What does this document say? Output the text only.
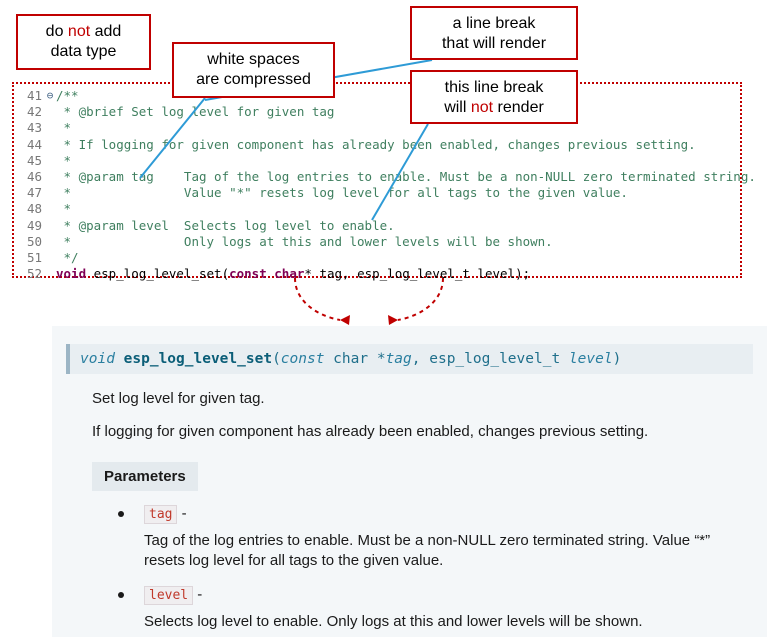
do not add
data type	white spaces
are compressed
a line break
that will render
this line break
will not render
41 ⊖ /**
42 * @brief Set log level for given tag
43 *
44 * If logging for given component has already been enabled, changes previous setting.
45 *
46 * @param tag    Tag of the log entries to enable. Must be a non-NULL zero terminated string.
47 *               Value "*" resets log level for all tags to the given value.
48 *
49 * @param level  Selects log level to enable.
50 *               Only logs at this and lower levels will be shown.
51 */
52 void esp_log_level_set(const char* tag, esp_log_level_t level);
void esp_log_level_set(const char *tag, esp_log_level_t level)
Set log level for given tag.
If logging for given component has already been enabled, changes previous setting.
Parameters
tag -
Tag of the log entries to enable. Must be a non-NULL zero terminated string. Value “*” resets log level for all tags to the given value.
level -
Selects log level to enable. Only logs at this and lower levels will be shown.
